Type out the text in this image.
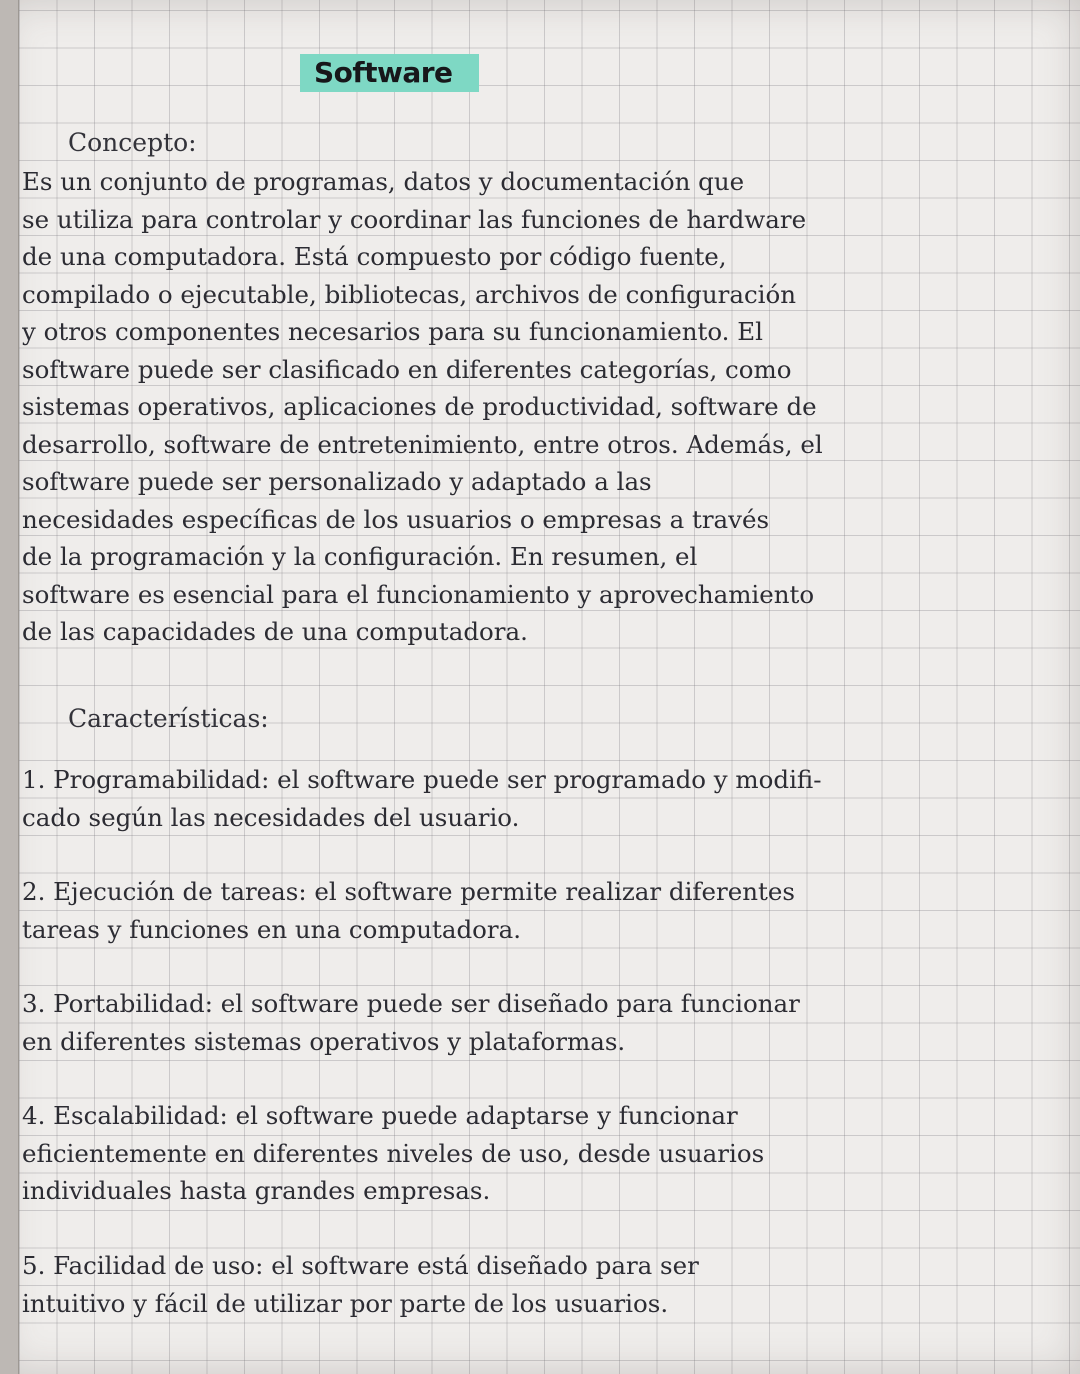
Software
Concepto:
Es un conjunto de programas, datos y documentación que
se utiliza para controlar y coordinar las funciones de hardware
de una computadora. Está compuesto por código fuente,
compilado o ejecutable, bibliotecas, archivos de configuración
y otros componentes necesarios para su funcionamiento. El
software puede ser clasificado en diferentes categorías, como
sistemas operativos, aplicaciones de productividad, software de
desarrollo, software de entretenimiento, entre otros. Además, el
software puede ser personalizado y adaptado a las
necesidades específicas de los usuarios o empresas a través
de la programación y la configuración. En resumen, el
software es esencial para el funcionamiento y aprovechamiento
de las capacidades de una computadora.
Características:
1. Programabilidad: el software puede ser programado y modifi-
cado según las necesidades del usuario.
2. Ejecución de tareas: el software permite realizar diferentes
tareas y funciones en una computadora.
3. Portabilidad: el software puede ser diseñado para funcionar
en diferentes sistemas operativos y plataformas.
4. Escalabilidad: el software puede adaptarse y funcionar
eficientemente en diferentes niveles de uso, desde usuarios
individuales hasta grandes empresas.
5. Facilidad de uso: el software está diseñado para ser
intuitivo y fácil de utilizar por parte de los usuarios.
